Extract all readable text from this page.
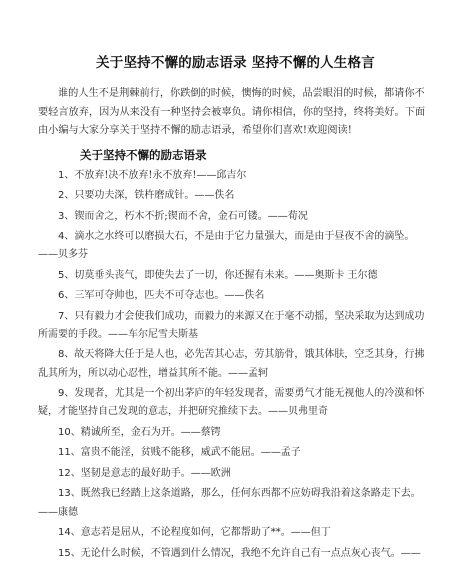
关于坚持不懈的励志语录 坚持不懈的人生格言

谁的人生不是荆棘前行，你跌倒的时候，懊悔的时候，品尝眼泪的时候，都请你不要轻言放弃，因为从来没有一种坚持会被辜负。请你相信，你的坚持，终将美好。下面由小编与大家分享关于坚持不懈的励志语录，希望你们喜欢!欢迎阅读!

关于坚持不懈的励志语录
1、不放弃!决不放弃!永不放弃!——邱吉尔
2、只要功夫深，铁杵磨成针。——佚名
3、锲而舍之，朽木不折;锲而不舍，金石可镂。——荀况
4、滴水之水终可以磨损大石，不是由于它力量强大，而是由于昼夜不舍的滴坠。——贝多芬
5、切莫垂头丧气，即使失去了一切，你还握有未来。——奥斯卡 王尔德
6、三军可夺帅也，匹夫不可夺志也。——佚名
7、只有毅力才会使我们成功，而毅力的来源又在于毫不动摇，坚决采取为达到成功所需要的手段。——车尔尼雪夫斯基
8、故天将降大任于是人也，必先苦其心志，劳其筋骨，饿其体肤，空乏其身，行拂乱其所为，所以动心忍性，增益其所不能。——孟轲
9、发现者，尤其是一个初出茅庐的年轻发现者，需要勇气才能无视他人的冷漠和怀疑，才能坚持自己发现的意志，并把研究推续下去。——贝弗里奇
10、精诚所至，金石为开。——蔡锷
11、富贵不能淫，贫贱不能移，威武不能屈。——孟子
12、坚韧是意志的最好助手。——欧洲
13、既然我已经踏上这条道路，那么，任何东西都不应妨碍我沿着这条路走下去。——康德
14、意志若是屈从，不论程度如何，它都帮助了**。——但丁
15、无论什么时候，不管遇到什么情况，我绝不允许自己有一点点灰心丧气。——
